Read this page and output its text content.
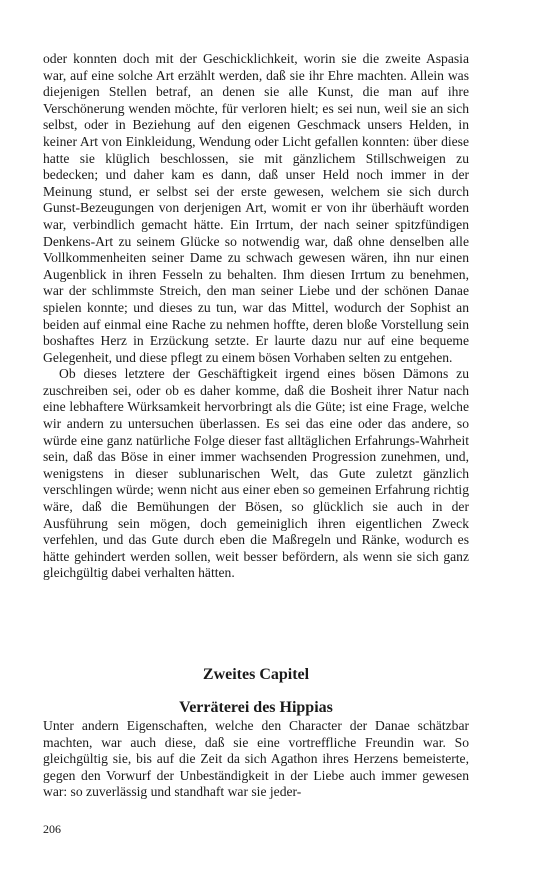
oder konnten doch mit der Geschicklichkeit, worin sie die zweite Aspasia war, auf eine solche Art erzählt werden, daß sie ihr Ehre machten. Allein was diejenigen Stellen betraf, an denen sie alle Kunst, die man auf ihre Verschönerung wenden möchte, für verloren hielt; es sei nun, weil sie an sich selbst, oder in Beziehung auf den eigenen Geschmack unsers Helden, in keiner Art von Einkleidung, Wendung oder Licht gefallen konnten: über diese hatte sie klüglich beschlossen, sie mit gänzlichem Stillschweigen zu bedecken; und daher kam es dann, daß unser Held noch immer in der Meinung stund, er selbst sei der erste gewesen, welchem sie sich durch Gunst-Bezeugungen von derjenigen Art, womit er von ihr überhäuft worden war, verbindlich gemacht hätte. Ein Irrtum, der nach seiner spitzfündigen Denkens-Art zu seinem Glücke so notwendig war, daß ohne denselben alle Vollkommenheiten seiner Dame zu schwach gewesen wären, ihn nur einen Augenblick in ihren Fesseln zu behalten. Ihm diesen Irrtum zu benehmen, war der schlimmste Streich, den man seiner Liebe und der schönen Danae spielen konnte; und dieses zu tun, war das Mittel, wodurch der Sophist an beiden auf einmal eine Rache zu nehmen hoffte, deren bloße Vorstellung sein boshaftes Herz in Erzückung setzte. Er laurte dazu nur auf eine bequeme Gelegenheit, und diese pflegt zu einem bösen Vorhaben selten zu entgehen.

Ob dieses letztere der Geschäftigkeit irgend eines bösen Dämons zu zuschreiben sei, oder ob es daher komme, daß die Bosheit ihrer Natur nach eine lebhaftere Würksamkeit hervorbringt als die Güte; ist eine Frage, welche wir andern zu untersuchen überlassen. Es sei das eine oder das andere, so würde eine ganz natürliche Folge dieser fast alltäglichen Erfahrungs-Wahrheit sein, daß das Böse in einer immer wachsenden Progression zunehmen, und, wenigstens in dieser sublunarischen Welt, das Gute zuletzt gänzlich verschlingen würde; wenn nicht aus einer eben so gemeinen Erfahrung richtig wäre, daß die Bemühungen der Bösen, so glücklich sie auch in der Ausführung sein mögen, doch gemeiniglich ihren eigentlichen Zweck verfehlen, und das Gute durch eben die Maßregeln und Ränke, wodurch es hätte gehindert werden sollen, weit besser befördern, als wenn sie sich ganz gleichgültig dabei verhalten hätten.

Zweites Capitel
Verräterei des Hippias

Unter andern Eigenschaften, welche den Character der Danae schätzbar machten, war auch diese, daß sie eine vortreffliche Freundin war. So gleichgültig sie, bis auf die Zeit da sich Agathon ihres Herzens bemeisterte, gegen den Vorwurf der Unbeständigkeit in der Liebe auch immer gewesen war: so zuverlässig und standhaft war sie jeder-

206
